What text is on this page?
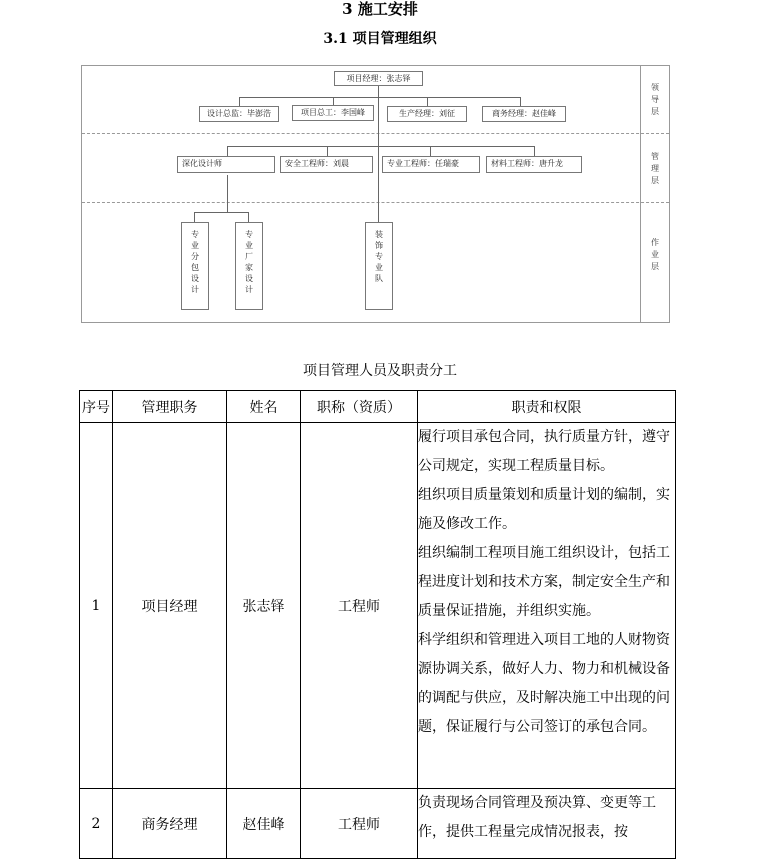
3 施工安排
3.1 项目管理组织
项目经理：张志铎
设计总监：毕澎浩	项目总工：李国峰	生产经理：刘征	商务经理：赵佳峰
深化设计师	安全工程师：刘晨	专业工程师：任瑞豪	材料工程师：唐升龙
专
业
分
包
设
计
专
业
厂
家
设
计
装
饰
专
业
队
领
导
层
管
理
层
作
业
层
项目管理人员及职责分工
序号	管理职务	姓名	职称（资质）	职责和权限
1	项目经理	张志铎	工程师	履行项目承包合同，执行质量方针，遵守公司规定，实现工程质量目标。
组织项目质量策划和质量计划的编制，实施及修改工作。
组织编制工程项目施工组织设计，包括工程进度计划和技术方案，制定安全生产和质量保证措施，并组织实施。
科学组织和管理进入项目工地的人财物资源协调关系，做好人力、物力和机械设备的调配与供应，及时解决施工中出现的问题，保证履行与公司签订的承包合同。

2	商务经理	赵佳峰	工程师	负责现场合同管理及预决算、变更等工作，提供工程量完成情况报表，按
